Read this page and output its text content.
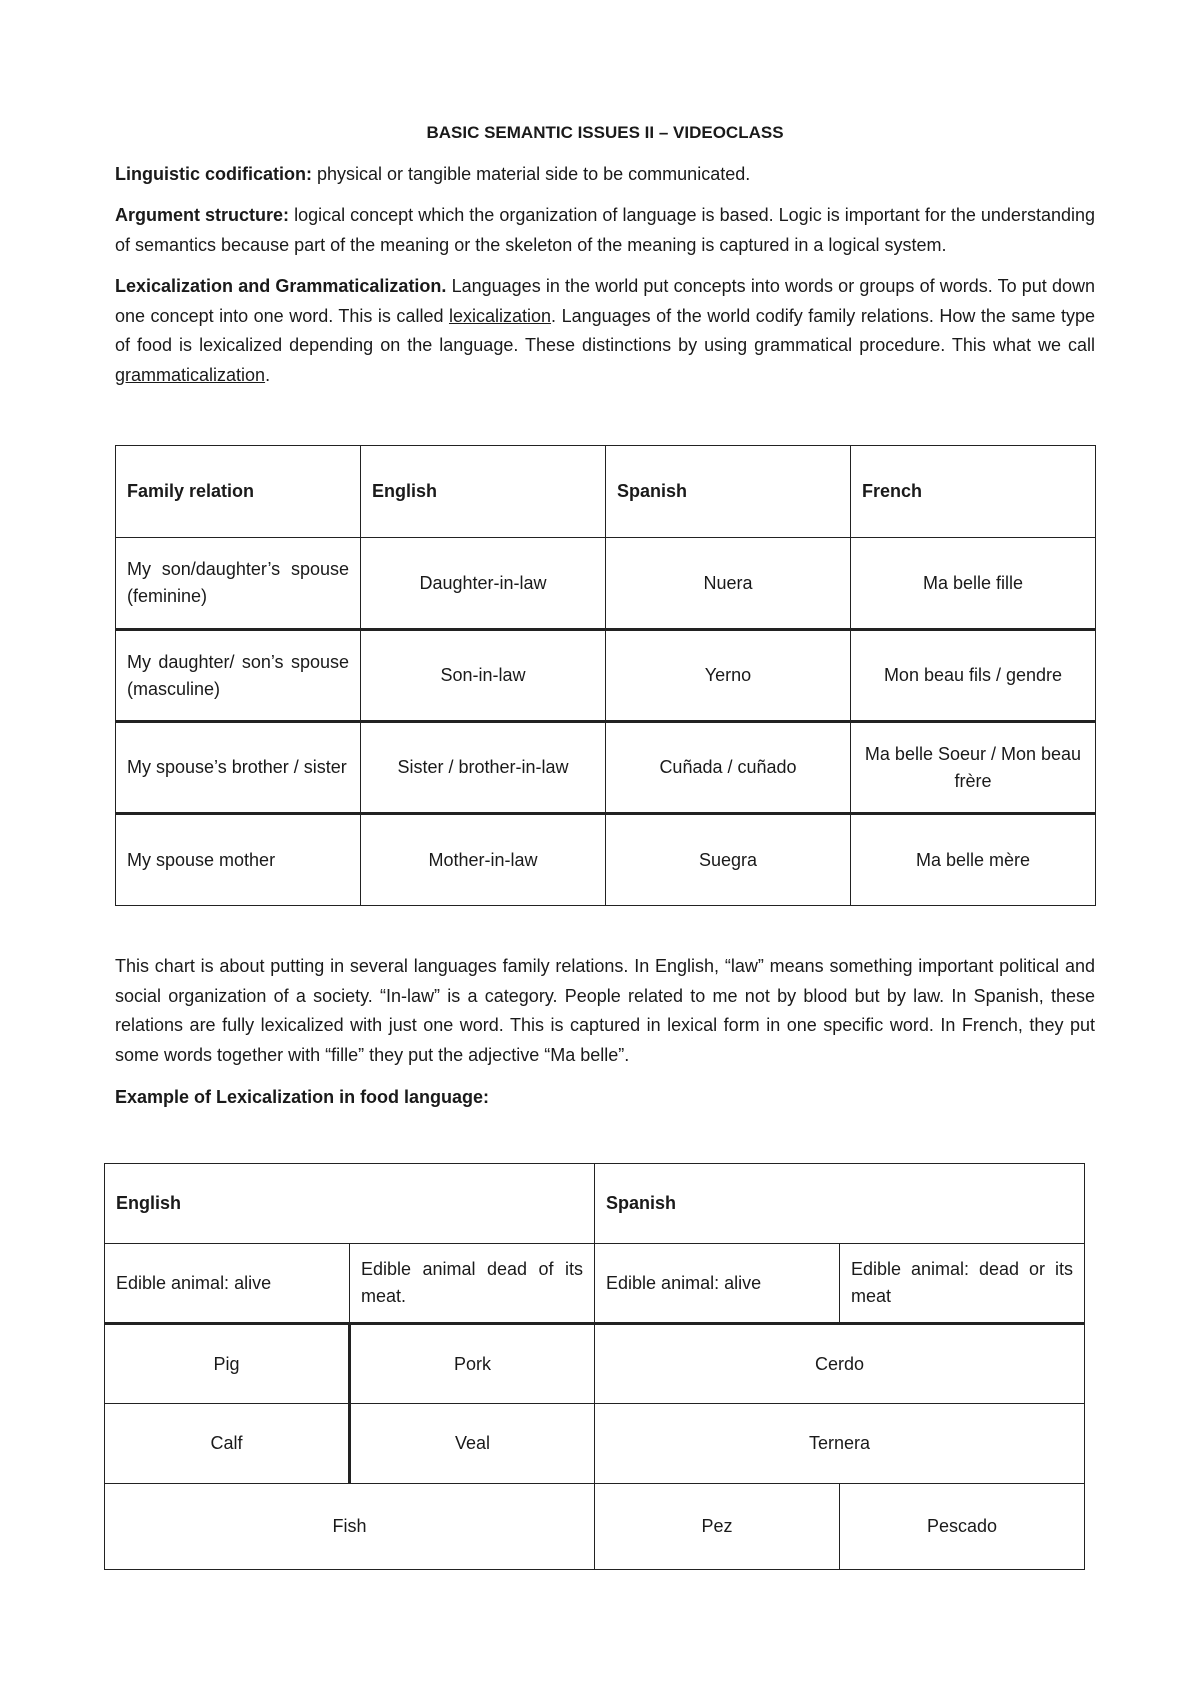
BASIC SEMANTIC ISSUES II – VIDEOCLASS

Linguistic codification: physical or tangible material side to be communicated.

Argument structure: logical concept which the organization of language is based. Logic is important for the understanding of semantics because part of the meaning or the skeleton of the meaning is captured in a logical system.

Lexicalization and Grammaticalization. Languages in the world put concepts into words or groups of words. To put down one concept into one word. This is called lexicalization. Languages of the world codify family relations. How the same type of food is lexicalized depending on the language. These distinctions by using grammatical procedure. This what we call grammaticalization.

Family relation	English	Spanish	French
My son/daughter’s spouse (feminine)	Daughter-in-law	Nuera	Ma belle fille
My daughter/ son’s spouse (masculine)	Son-in-law	Yerno	Mon beau fils / gendre
My spouse’s brother / sister	Sister / brother-in-law	Cuñada / cuñado	Ma belle Soeur / Mon beau frère
My spouse mother	Mother-in-law	Suegra	Ma belle mère

This chart is about putting in several languages family relations. In English, “law” means something important political and social organization of a society. “In-law” is a category. People related to me not by blood but by law. In Spanish, these relations are fully lexicalized with just one word. This is captured in lexical form in one specific word. In French, they put some words together with “fille” they put the adjective “Ma belle”.

Example of Lexicalization in food language:

English		Spanish	
Edible animal: alive	Edible animal dead of its meat.	Edible animal: alive	Edible animal: dead or its meat
Pig	Pork	Cerdo	
Calf	Veal	Ternera	
Fish		Pez	Pescado
